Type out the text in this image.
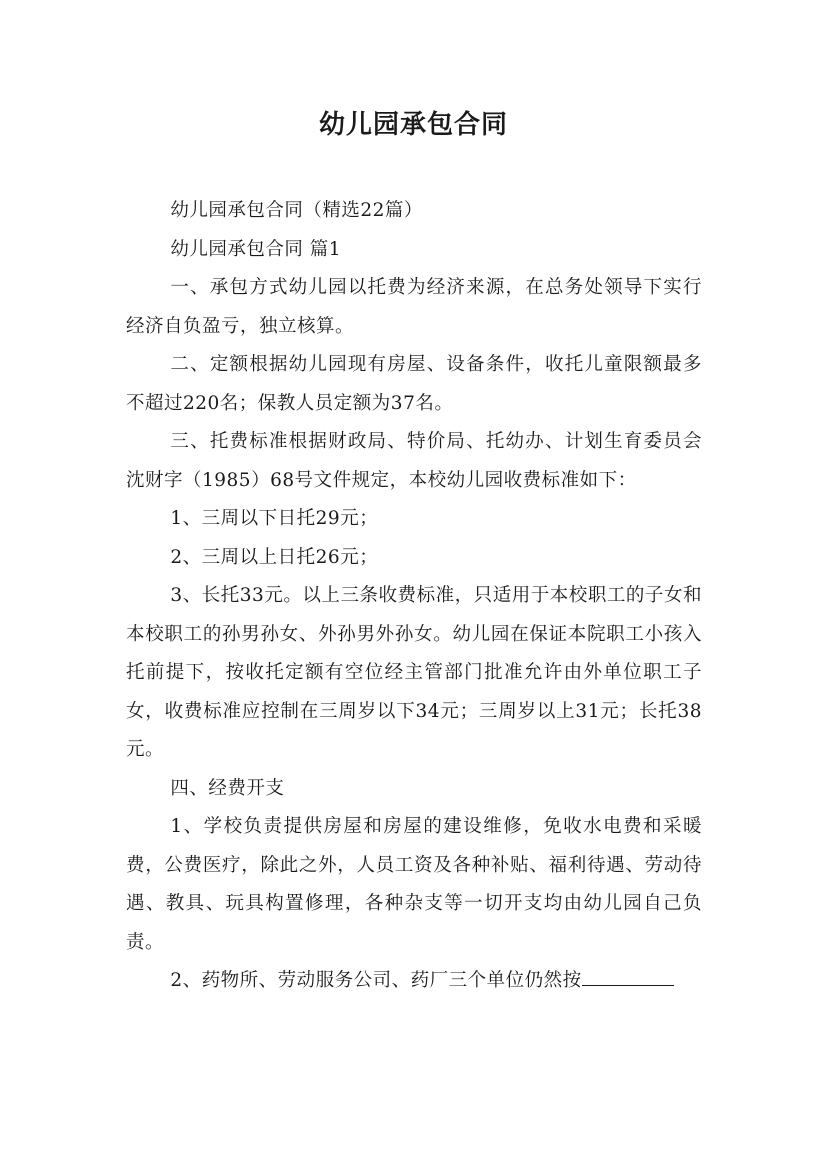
幼儿园承包合同

幼儿园承包合同（精选22篇）

幼儿园承包合同 篇1

一、承包方式幼儿园以托费为经济来源，在总务处领导下实行经济自负盈亏，独立核算。

二、定额根据幼儿园现有房屋、设备条件，收托儿童限额最多不超过220名；保教人员定额为37名。

三、托费标准根据财政局、特价局、托幼办、计划生育委员会沈财字（1985）68号文件规定，本校幼儿园收费标准如下：

1、三周以下日托29元；

2、三周以上日托26元；

3、长托33元。以上三条收费标准，只适用于本校职工的子女和本校职工的孙男孙女、外孙男外孙女。幼儿园在保证本院职工小孩入托前提下，按收托定额有空位经主管部门批准允许由外单位职工子女，收费标准应控制在三周岁以下34元；三周岁以上31元；长托38元。

四、经费开支

1、学校负责提供房屋和房屋的建设维修，免收水电费和采暖费，公费医疗，除此之外，人员工资及各种补贴、福利待遇、劳动待遇、教具、玩具构置修理，各种杂支等一切开支均由幼儿园自己负责。

2、药物所、劳动服务公司、药厂三个单位仍然按
